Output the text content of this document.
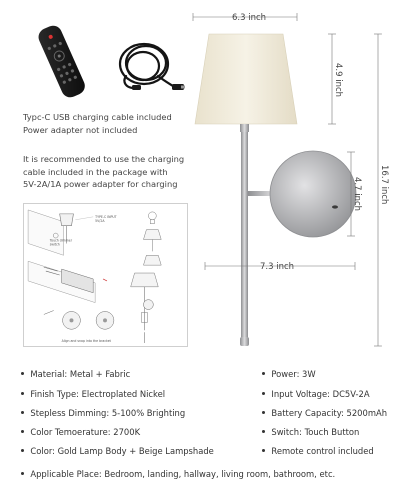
Typc-C USB charging cable included
Power adapter not included
It is recommended to use the charging
cable included in the package with
5V-2A/1A power adapter for charging
TYPE-C INPUT
5V/2A
Touch dimmer
switch
Align and snap into the bracket
6.3 inch
4.9 inch
4.7 inch 16.7 inch
7.3 inch
Material: Metal + Fabric
Finish Type: Electroplated Nickel
Stepless Dimming: 5-100% Brighting
Color Temoerature: 2700K
Color: Gold Lamp Body + Beige Lampshade
Power: 3W
Input Voltage: DC5V-2A
Battery Capacity: 5200mAh
Switch: Touch Button
Remote control included
Applicable Place: Bedroom, landing, hallway, living room, bathroom, etc.
